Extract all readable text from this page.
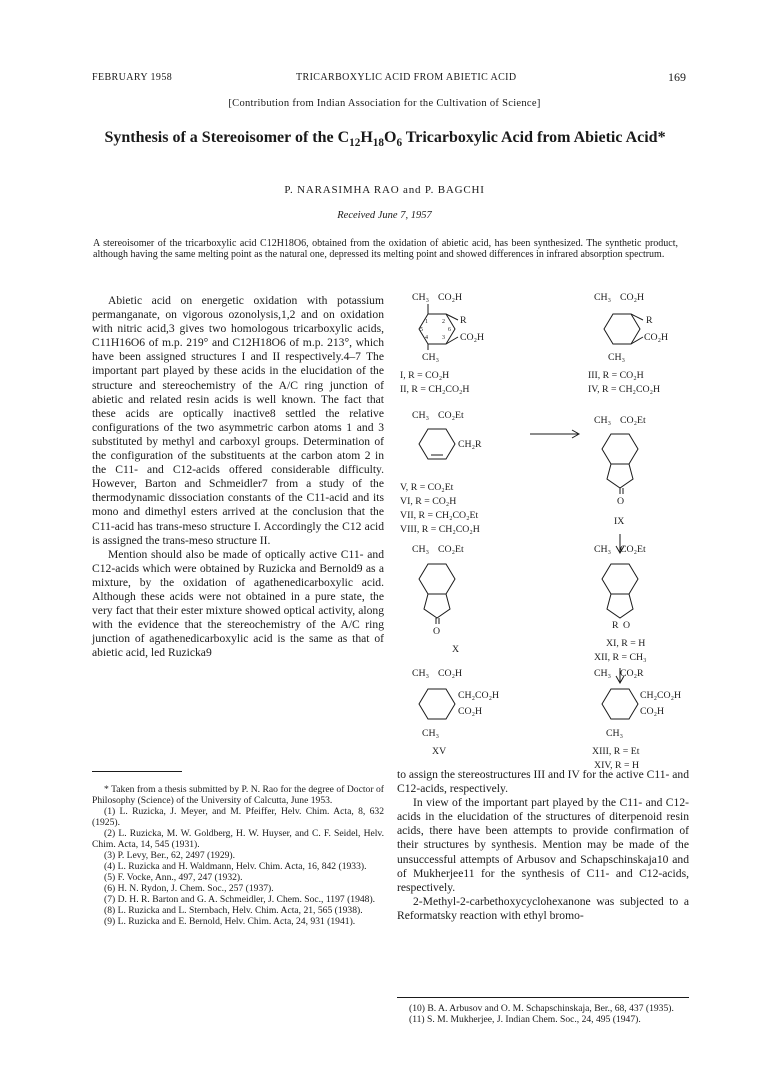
FEBRUARY 1958	TRICARBOXYLIC ACID FROM ABIETIC ACID	169
[Contribution from Indian Association for the Cultivation of Science]
Synthesis of a Stereoisomer of the $C_{12}H_{18}O_6$ Tricarboxylic Acid from Abietic Acid*
P. NARASIMHA RAO and P. BAGCHI
Received June 7, 1957
A stereoisomer of the tricarboxylic acid C12H18O6, obtained from the oxidation of abietic acid, has been synthesized. The synthetic product, although having the same melting point as the natural one, depressed its melting point and showed differences in infrared absorption spectrum.

Abietic acid on energetic oxidation with potassium permanganate, on vigorous ozonolysis,1,2 and on oxidation with nitric acid,3 gives two homologous tricarboxylic acids, C11H16O6 of m.p. 219° and C12H18O6 of m.p. 213°, which have been assigned structures I and II respectively.4–7 The important part played by these acids in the elucidation of the structure and stereochemistry of the A/C ring junction of abietic and related resin acids is well known. The fact that these acids are optically inactive8 settled the relative configurations of the two asymmetric carbon atoms 1 and 3 substituted by methyl and carboxyl groups. Determination of the configuration of the substituents at the carbon atom 2 in the C11- and C12-acids offered considerable difficulty. However, Barton and Schmeidler7 from a study of the thermodynamic dissociation constants of the C11-acid and its mono and dimethyl esters arrived at the conclusion that the C11-acid has trans-meso structure I. Accordingly the C12 acid is assigned the trans-meso structure II.

Mention should also be made of optically active C11- and C12-acids which were obtained by Ruzicka and Bernold9 as a mixture, by the oxidation of agathenedicarboxylic acid. Although these acids were not obtained in a pure state, the very fact that their ester mixture showed optical activity, along with the evidence that the stereochemistry of the A/C ring junction of agathenedicarboxylic acid is the same as that of abietic acid, led Ruzicka9

to assign the stereostructures III and IV for the active C11- and C12-acids, respectively.

In view of the important part played by the C11- and C12-acids in the elucidation of the structures of diterpenoid resin acids, there have been attempts to provide confirmation of their structures by synthesis. Mention may be made of the unsuccessful attempts of Arbusov and Schapschinskaja10 and of Mukherjee11 for the synthesis of C11- and C12-acids, respectively.

2-Methyl-2-carbethoxycyclohexanone was subjected to a Reformatsky reaction with ethyl bromo-

* Taken from a thesis submitted by P. N. Rao for the degree of Doctor of Philosophy (Science) of the University of Calcutta, June 1953.

(1) L. Ruzicka, J. Meyer, and M. Pfeiffer, Helv. Chim. Acta, 8, 632 (1925).

(2) L. Ruzicka, M. W. Goldberg, H. W. Huyser, and C. F. Seidel, Helv. Chim. Acta, 14, 545 (1931).

(3) P. Levy, Ber., 62, 2497 (1929).

(4) L. Ruzicka and H. Waldmann, Helv. Chim. Acta, 16, 842 (1933).

(5) F. Vocke, Ann., 497, 247 (1932).

(6) H. N. Rydon, J. Chem. Soc., 257 (1937).

(7) D. H. R. Barton and G. A. Schmeidler, J. Chem. Soc., 1197 (1948).

(8) L. Ruzicka and L. Sternbach, Helv. Chim. Acta, 21, 565 (1938).

(9) L. Ruzicka and E. Bernold, Helv. Chim. Acta, 24, 931 (1941).

(10) B. A. Arbusov and O. M. Schapschinskaja, Ber., 68, 437 (1935).

(11) S. M. Mukherjee, J. Indian Chem. Soc., 24, 495 (1947).

CH₃ CO₂H
R
CO₂H
CH₃
1 2
3
4
5	6
I, R = CO₂H
II, R = CH₂CO₂H
CH₃ CO₂H
R
CO₂H
CH₃
III, R = CO₂H
IV, R = CH₂CO₂H
CH₃ CO₂Et
CH₂R
V, R = CO₂Et
VI, R = CO₂H
VII, R = CH₂CO₂Et
VIII, R = CH₂CO₂H
CH₃ CO₂Et
O
IX
CH₃ CO₂Et
O
X
CH₃ CO₂Et
R O
XI, R = H
XII, R = CH₃
CH₃ CO₂H
CH₂CO₂H
CO₂H
CH₃
XV
CH₃ CO₂R
CH₂CO₂H
CO₂H
CH₃
XIII, R = Et
XIV, R = H
